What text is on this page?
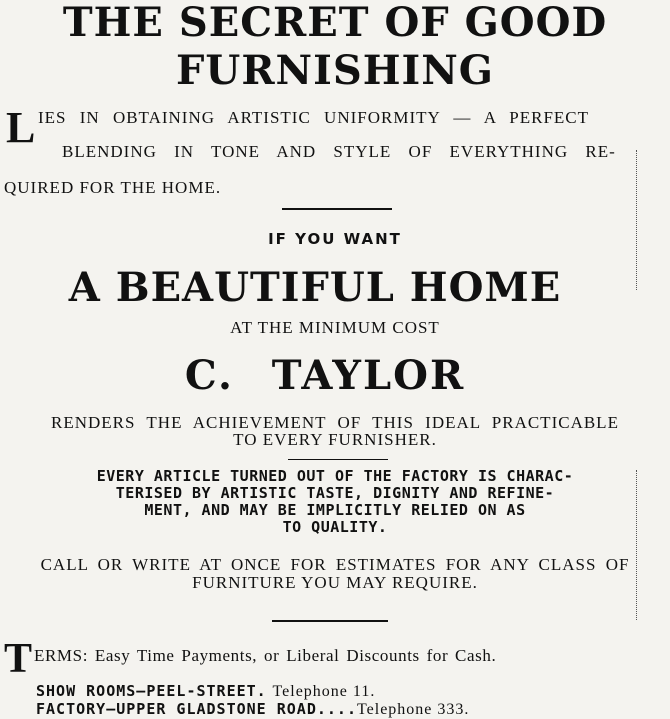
THE SECRET OF GOOD
FURNISHING
L IES IN OBTAINING ARTISTIC UNIFORMITY — A PERFECT
BLENDING IN TONE AND STYLE OF EVERYTHING RE-
QUIRED FOR THE HOME.
IF YOU WANT
A BEAUTIFUL HOME
AT THE MINIMUM COST
C. TAYLOR
RENDERS THE ACHIEVEMENT OF THIS IDEAL PRACTICABLE
TO EVERY FURNISHER.
EVERY ARTICLE TURNED OUT OF THE FACTORY IS CHARAC-
TERISED BY ARTISTIC TASTE, DIGNITY AND REFINE-
MENT, AND MAY BE IMPLICITLY RELIED ON AS
TO QUALITY.
CALL OR WRITE AT ONCE FOR ESTIMATES FOR ANY CLASS OF
FURNITURE YOU MAY REQUIRE.
T ERMS: Easy Time Payments, or Liberal Discounts for Cash.
SHOW ROOMS—PEEL-STREET. Telephone 11.
FACTORY—UPPER GLADSTONE ROAD....Telephone 333.
